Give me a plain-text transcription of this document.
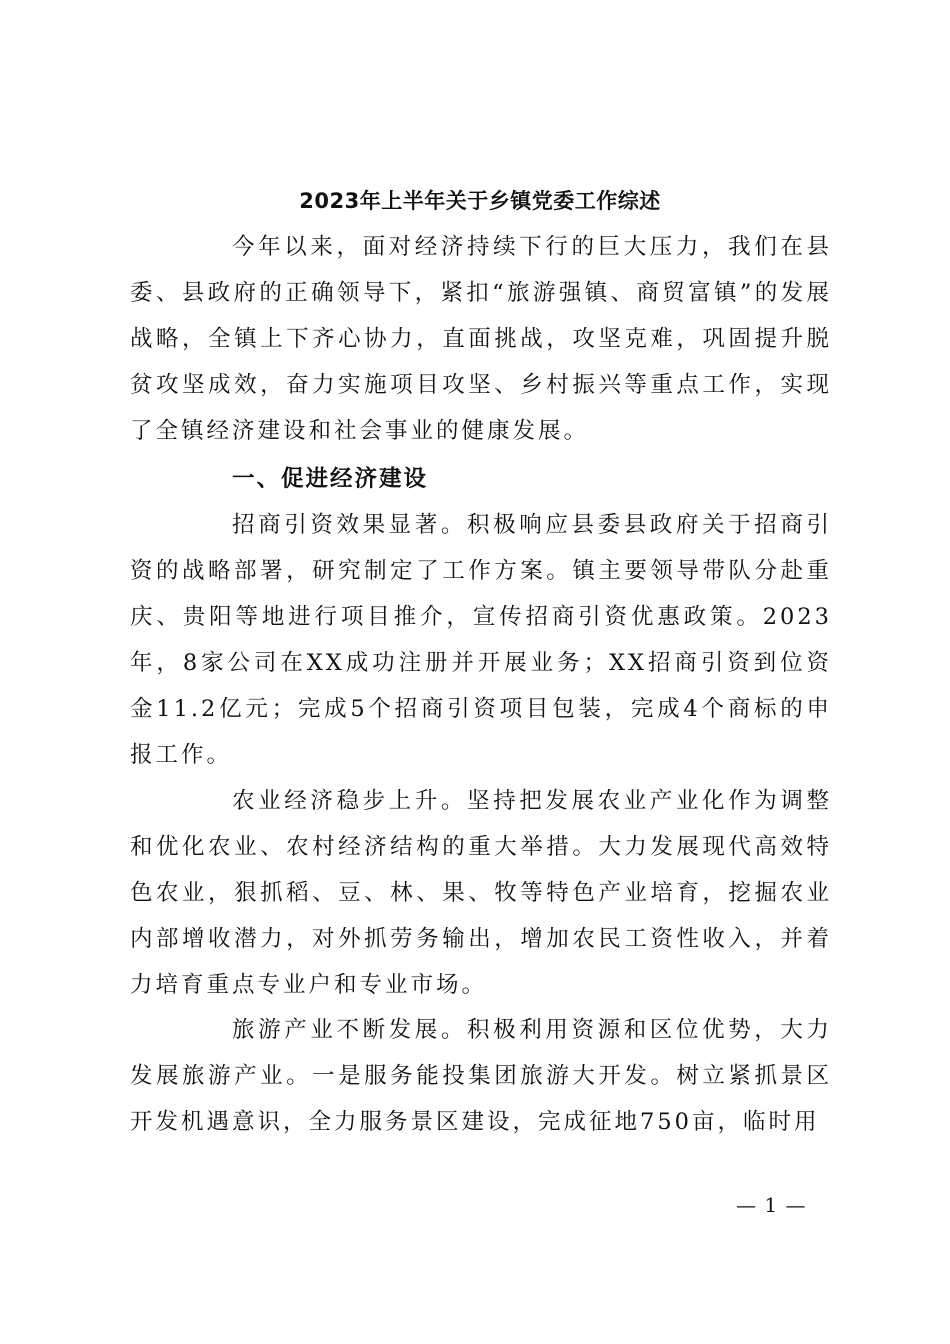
2023年上半年关于乡镇党委工作综述

今年以来，面对经济持续下行的巨大压力，我们在县委、县政府的正确领导下，紧扣“旅游强镇、商贸富镇”的发展战略，全镇上下齐心协力，直面挑战，攻坚克难，巩固提升脱贫攻坚成效，奋力实施项目攻坚、乡村振兴等重点工作，实现了全镇经济建设和社会事业的健康发展。

一、促进经济建设

招商引资效果显著。积极响应县委县政府关于招商引资的战略部署，研究制定了工作方案。镇主要领导带队分赴重庆、贵阳等地进行项目推介，宣传招商引资优惠政策。2023年，8家公司在XX成功注册并开展业务；XX招商引资到位资金11.2亿元；完成5个招商引资项目包装，完成4个商标的申报工作。

农业经济稳步上升。坚持把发展农业产业化作为调整和优化农业、农村经济结构的重大举措。大力发展现代高效特色农业，狠抓稻、豆、林、果、牧等特色产业培育，挖掘农业内部增收潜力，对外抓劳务输出，增加农民工资性收入，并着力培育重点专业户和专业市场。

旅游产业不断发展。积极利用资源和区位优势，大力发展旅游产业。一是服务能投集团旅游大开发。树立紧抓景区开发机遇意识，全力服务景区建设，完成征地750亩，临时用

— 1 —
